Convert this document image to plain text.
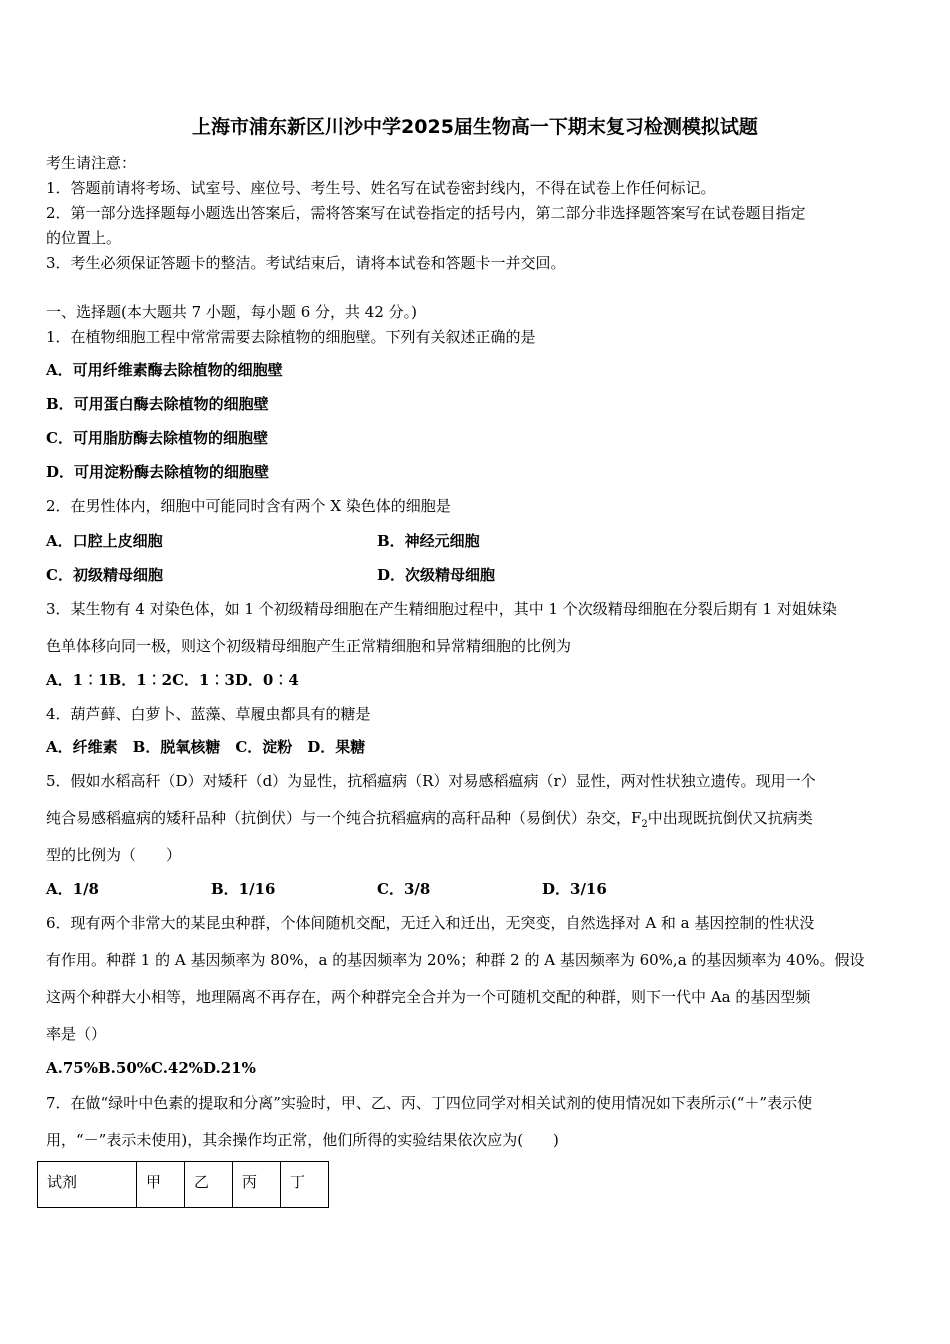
上海市浦东新区川沙中学2025届生物高一下期末复习检测模拟试题
考生请注意：
1．答题前请将考场、试室号、座位号、考生号、姓名写在试卷密封线内，不得在试卷上作任何标记。
2．第一部分选择题每小题选出答案后，需将答案写在试卷指定的括号内，第二部分非选择题答案写在试卷题目指定
的位置上。
3．考生必须保证答题卡的整洁。考试结束后，请将本试卷和答题卡一并交回。
一、选择题(本大题共 7 小题，每小题 6 分，共 42 分。)
1．在植物细胞工程中常常需要去除植物的细胞壁。下列有关叙述正确的是
A．可用纤维素酶去除植物的细胞壁
B．可用蛋白酶去除植物的细胞壁
C．可用脂肪酶去除植物的细胞壁
D．可用淀粉酶去除植物的细胞壁
2．在男性体内，细胞中可能同时含有两个 X 染色体的细胞是
A．口腔上皮细胞	B．神经元细胞
C．初级精母细胞	D．次级精母细胞
3．某生物有 4 对染色体，如 1 个初级精母细胞在产生精细胞过程中，其中 1 个次级精母细胞在分裂后期有 1 对姐妹染
色单体移向同一极，则这个初级精母细胞产生正常精细胞和异常精细胞的比例为
A．1︰1B．1︰2C．1︰3D．0︰4
4．葫芦藓、白萝卜、蓝藻、草履虫都具有的糖是
A．纤维素　B．脱氧核糖　C．淀粉　D．果糖
5．假如水稻高秆（D）对矮秆（d）为显性，抗稻瘟病（R）对易感稻瘟病（r）显性，两对性状独立遗传。现用一个
纯合易感稻瘟病的矮秆品种（抗倒伏）与一个纯合抗稻瘟病的高秆品种（易倒伏）杂交，$F_2$中出现既抗倒伏又抗病类
型的比例为（　　）
A．1/8	B．1/16	C．3/8	D．3/16
6．现有两个非常大的某昆虫种群，个体间随机交配，无迁入和迁出，无突变，自然选择对 A 和 a 基因控制的性状没
有作用。种群 1 的 A 基因频率为 80%，a 的基因频率为 20%；种群 2 的 A 基因频率为 60%,a 的基因频率为 40%。假设
这两个种群大小相等，地理隔离不再存在，两个种群完全合并为一个可随机交配的种群，则下一代中 Aa 的基因型频
率是（）
A.75%B.50%C.42%D.21%
7．在做“绿叶中色素的提取和分离”实验时，甲、乙、丙、丁四位同学对相关试剂的使用情况如下表所示(“＋”表示使
用，“－”表示未使用)，其余操作均正常，他们所得的实验结果依次应为(　　)
试剂	甲	乙	丙	丁
